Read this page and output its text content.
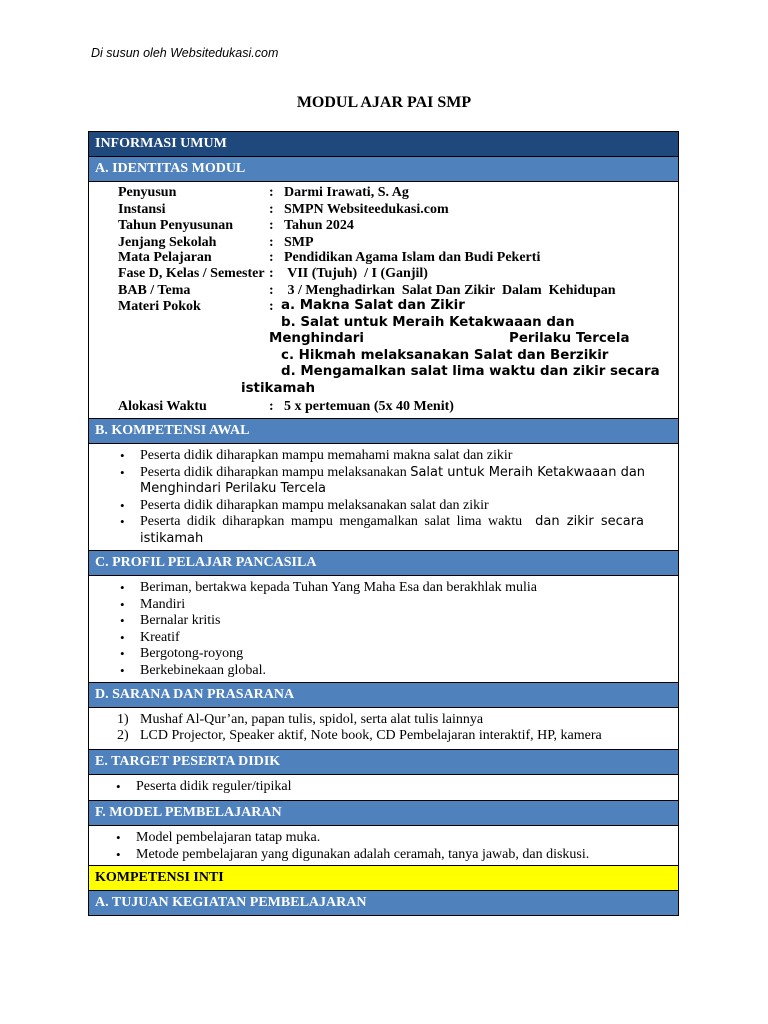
Di susun oleh Websitedukasi.com
MODUL AJAR PAI SMP
INFORMASI UMUM
A. IDENTITAS MODUL
Penyusun	: Darmi Irawati, S. Ag
Instansi	: SMPN Websiteedukasi.com
Tahun Penyusunan	: Tahun 2024
Jenjang Sekolah	: SMP
Mata Pelajaran	: Pendidikan Agama Islam dan Budi Pekerti
Fase D, Kelas / Semester : VII (Tujuh)  / I (Ganjil)
BAB / Tema	: 3 / Menghadirkan  Salat Dan Zikir  Dalam  Kehidupan
Materi Pokok	: a. Makna Salat dan Zikir
b. Salat untuk Meraih Ketakwaaan dan
Menghindari	Perilaku Tercela
c. Hikmah melaksanakan Salat dan Berzikir
d. Mengamalkan salat lima waktu dan zikir secara
istikamah
Alokasi Waktu	: 5 x pertemuan (5x 40 Menit)
B. KOMPETENSI AWAL
• Peserta didik diharapkan mampu memahami makna salat dan zikir
• Peserta didik diharapkan mampu melaksanakan Salat untuk Meraih Ketakwaaan dan
Menghindari Perilaku Tercela
• Peserta didik diharapkan mampu melaksanakan salat dan zikir
• Peserta didik diharapkan mampu mengamalkan salat lima waktu dan zikir secara
istikamah
C. PROFIL PELAJAR PANCASILA
• Beriman, bertakwa kepada Tuhan Yang Maha Esa dan berakhlak mulia
• Mandiri
• Bernalar kritis
• Kreatif
• Bergotong-royong
• Berkebinekaan global.
D. SARANA DAN PRASARANA
1) Mushaf Al-Qur’an, papan tulis, spidol, serta alat tulis lainnya
2) LCD Projector, Speaker aktif, Note book, CD Pembelajaran interaktif, HP, kamera
E. TARGET PESERTA DIDIK
• Peserta didik reguler/tipikal
F. MODEL PEMBELAJARAN
• Model pembelajaran tatap muka.
• Metode pembelajaran yang digunakan adalah ceramah, tanya jawab, dan diskusi.
KOMPETENSI INTI
A. TUJUAN KEGIATAN PEMBELAJARAN
